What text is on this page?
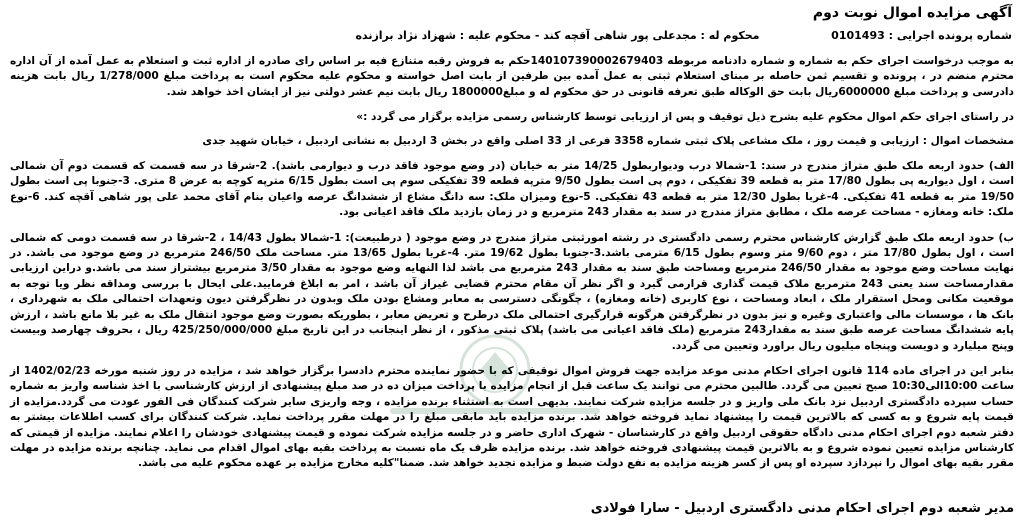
آگهی مزایده اموال نوبت دوم
شماره پرونده اجرایی : 0101493  محکوم له : مجدعلی پور شاهی آقچه کند - محکوم علیه : شهزاد نژاد برازنده
به موجب درخواست اجرای حکم به شماره و شماره دادنامه مربوطه 140107390002679403حکم به فروش رقبه متنازع فیه بر اساس رای صادره از اداره ثبت و استعلام به عمل آمده از آن اداره محترم منضم در ، پرونده و تقسیم ثمن حاصله بر مبنای استعلام ثبتی به عمل آمده بین طرفین از بابت اصل خواسته و محکوم علیه محکوم است به پرداخت مبلغ 1/278/000 ریال بابت هزینه دادرسی و پرداخت مبلغ 6000000ریال بابت حق الوکاله طبق تعرفه قانونی در حق محکوم له و مبلغ1800000 ریال بابت نیم عشر دولتی نیز از ایشان اخذ خواهد شد.
در راستای اجرای حکم اموال محکوم علیه بشرح ذیل توقیف و پس از ارزیابی توسط کارشناس رسمی مزایده برگزار می گردد :»
مشخصات اموال : ارزیابی و قیمت روز ، ملک مشاعی پلاک ثبتی شماره 3358 فرعی از 33 اصلی واقع در بخش 3 اردبیل به نشانی اردبیل ، خیابان شهید جدی
الف) حدود اربعه ملک طبق متراژ مندرج در سند: 1-شمالا درب ودیواربطول 14/25 متر به خیابان (در وضع موجود فاقد درب و دیوارمی باشد). 2-شرقا در سه قسمت که قسمت دوم آن شمالی است ، اول دیواریه پی بطول 17/80 متر به قطعه 39 تفکیکی ، دوم پی است بطول 9/50 مترپه قطعه 39 تفکیکی سوم پی است بطول 6/15 مترپه کوچه به عرض 8 متری. 3-جنوبا پی است بطول 19/50 متر به قطعه 41 تفکیکی. 4-غربا بطول 12/30 متر به قطعه 43 تفکیکی. 5-نوع ومیزان ملک: سه دانگ مشاع از ششدانگ عرصه واعیان بنام آقای محمد علی پور شاهی آقچه کند. 6-نوع ملک: خانه ومغازه - مساحت عرصه ملک ، مطابق متراژ مندرج در سند به مقدار 243 مترمربع و در زمان بازدید ملک فاقد اعیانی بود.
ب) حدود اربعه ملک طبق گزارش کارشناس محترم رسمی دادگستری در رشته امورثبتی متراژ مندرج در وضع موجود ( درطبیعت): 1-شمالا بطول 14/43 ، 2-شرقا در سه قسمت دومی که شمالی است ، اول بطول 17/80 متر ، دوم 9/60 متر وسوم بطول 6/15 مترمی باشد.3-جنوبا بطول 19/62 متر. 4-غربا بطول 13/65 متر. مساحت ملک 246/50 مترمربع در وضع موجود می باشد. در نهایت مساحت وضع موجود به مقدار 246/50 مترمربع ومساحت طبق سند به مقدار 243 مترمربع می باشد لذا النهایه وضع موجود به مقدار 3/50 مترمربع بیشتراز سند می باشد.و دراین ارزیابی مقدارمساحت سند یعنی 243 مترمربع ملاک قیمت گذاری قرارمی گیرد و اگر نظر آن مقام محترم قضایی غیراز آن باشد ، امر به ابلاغ فرمایید.علی ایحال با بررسی ومداقه نظر ویا توجه به موقعیت مکانی ومحل استقرار ملک ، ابعاد ومساحت ، نوع کاربری (خانه ومغازه) ، چگونگی دسترسی به معابر ومشاع بودن ملک وبدون در نظرگرفتن دیون وتعهدات احتمالی ملک به شهرداری ، بانک ها ، موسسات مالی واعتباری وغیره و نیز بدون در نظرگرفتن هرگونه قرارگیری احتمالی ملک درطرح و تعریض معابر ، بطوریکه بصورت وضع موجود انتقال ملک به غیر بلا مانع باشد ، ارزش پایه ششدانگ مساحت عرصه طبق سند به مقدار243 مترمربع (ملک فاقد اعیانی می باشد) پلاک ثبتی مذکور ، از نظر اینجانب در این تاریخ مبلغ 425/250/000/000 ریال ، بحروف چهارصد وبیست وپنج میلیارد و دویست وپنجاه میلیون ریال براورد وتعیین می گردد.
بنابر این در اجرای ماده 114 قانون اجرای احکام مدنی موعد مزایده جهت فروش اموال توقیفی که با حضور نماینده محترم دادسرا برگزار خواهد شد ، مزایده در روز شنبه مورخه 1402/02/23 از ساعت 10:00الی10:30 صبح تعیین می گردد. طالبین محترم می توانند یک ساعت قبل از انجام مزایده با پرداخت میزان ده در صد مبلغ پیشنهادی از ارزش کارشناسی با اخذ شناسه واریز به شماره حساب سپرده دادگستری اردبیل نزد بانک ملی واریز و در جلسه مزایده شرکت نمایند. بدیهی است به استثناء برنده مزایده ، وجه واریزی سایر شرکت کنندگان فی الفور عودت می گردد.مزایده از قیمت پایه شروع و به کسی که بالاترین قیمت را پیشنهاد نماید فروخته خواهد شد. برنده مزایده باید مابقی مبلغ را در مهلت مقرر پرداخت نماید. شرکت کنندگان برای کسب اطلاعات بیشتر به دفتر شعبه دوم اجرای احکام مدنی دادگاه حقوقی اردبیل واقع در کارشناسان - شهرک اداری حاضر و در جلسه مزایده شرکت نموده و قیمت پیشنهادی خودشان را اعلام نمایند. مزایده از قیمتی که کارشناس مزایده تعیین نموده شروع و به بالاترین قیمت پیشنهادی فروخته خواهد شد. برنده مزایده ظرف یک ماه نسبت به پرداخت بقیه بهای اموال اقدام می نماید. چنانچه برنده مزایده در مهلت مقرر بقیه بهای اموال را نپردازد سپرده او پس از کسر هزینه مزایده به نفع دولت ضبط و مزایده تجدید خواهد شد. ضمنا"کلیه مخارج مزایده بر عهده محکوم علیه می باشد.
مدیر شعبه دوم اجرای احکام مدنی دادگستری اردبیل - سارا فولادی
